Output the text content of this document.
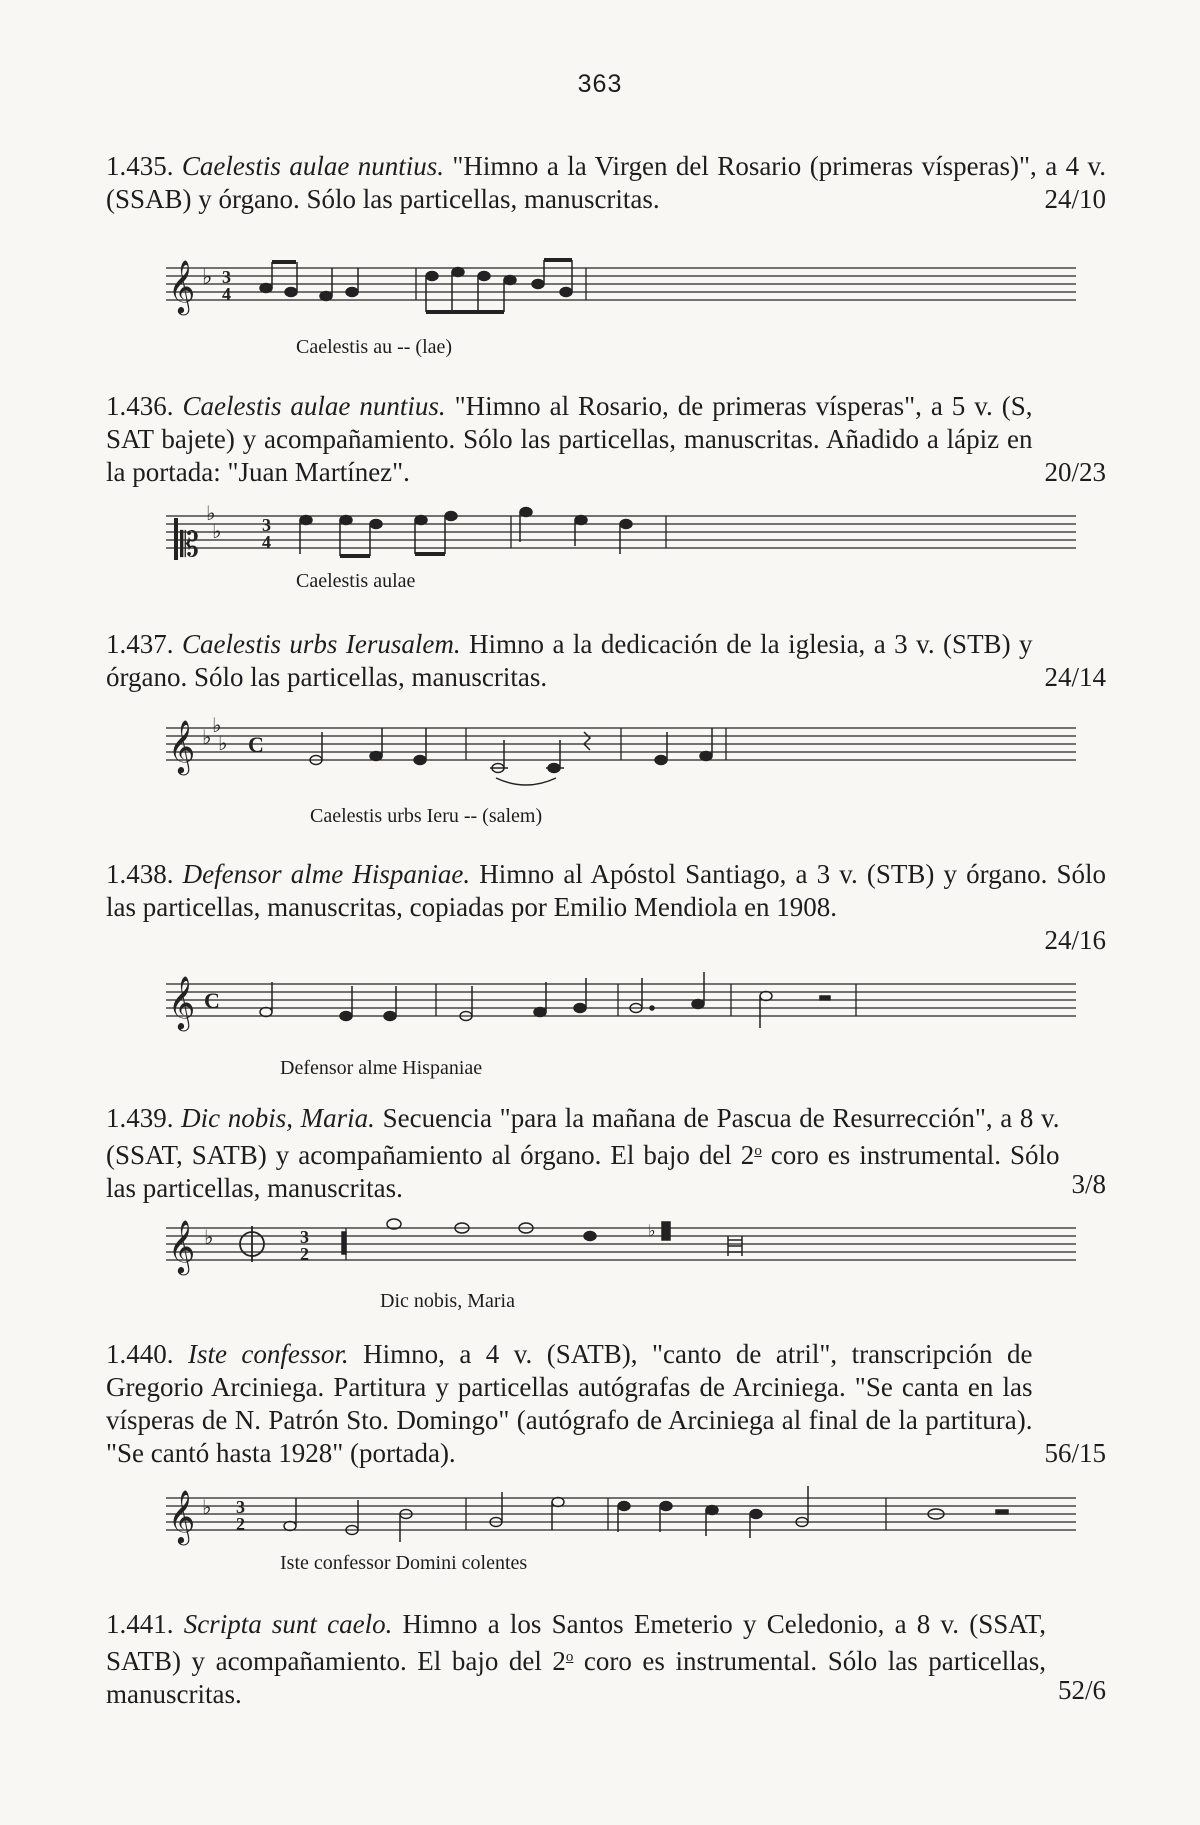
363
1.435. Caelestis aulae nuntius. "Himno a la Virgen del Rosario (primeras vísperas)", a 4 v. (SSAB) y órgano. Sólo las particellas, manuscritas.	24/10
𝄞 ♭ 3
4
Caelestis au -- (lae)
20/23
1.436. Caelestis aulae nuntius. "Himno al Rosario, de primeras vísperas", a 5 v. (S, SAT bajete) y acompañamiento. Sólo las particellas, manuscritas. Añadido a lápiz en la portada: "Juan Martínez".
𝄡
♭
♭ 3
4
Caelestis aulae
24/14
1.437. Caelestis urbs Ierusalem. Himno a la dedicación de la iglesia, a 3 v. (STB) y órgano. Sólo las particellas, manuscritas.
𝄞 ♭
♭
♭ C
Caelestis urbs Ieru -- (salem)
1.438. Defensor alme Hispaniae. Himno al Apóstol Santiago, a 3 v. (STB) y órgano. Sólo las particellas, manuscritas, copiadas por Emilio Mendiola en 1908.
24/16
𝄞 C
Defensor alme Hispaniae
3/8
1.439. Dic nobis, Maria. Secuencia "para la mañana de Pascua de Resurrección", a 8 v. (SSAT, SATB) y acompañamiento al órgano. El bajo del 2$^o$ coro es instrumental. Sólo las particellas, manuscritas.
𝄞 ♭	3
2
♭
Dic nobis, Maria
56/15
1.440. Iste confessor. Himno, a 4 v. (SATB), "canto de atril", transcripción de Gregorio Arciniega. Partitura y particellas autógrafas de Arciniega. "Se canta en las vísperas de N. Patrón Sto. Domingo" (autógrafo de Arciniega al final de la partitura). "Se cantó hasta 1928" (portada).
𝄞 ♭ 3
2
Iste confessor Domini colentes
52/6
1.441. Scripta sunt caelo. Himno a los Santos Emeterio y Celedonio, a 8 v. (SSAT, SATB) y acompañamiento. El bajo del 2$^o$ coro es instrumental. Sólo las particellas, manuscritas.
